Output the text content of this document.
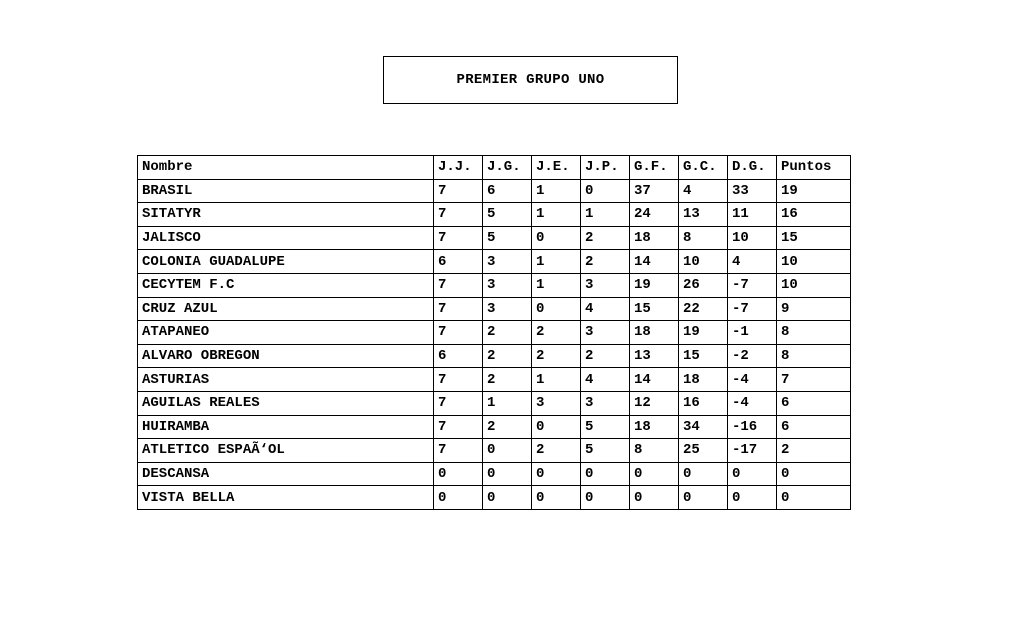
PREMIER GRUPO UNO
Nombre	J.J.	J.G.	J.E.	J.P.	G.F.	G.C.	D.G.	Puntos
BRASIL	7	6	1	0	37	4	33	19
SITATYR	7	5	1	1	24	13	11	16
JALISCO	7	5	0	2	18	8	10	15
COLONIA GUADALUPE	6	3	1	2	14	10	4	10
CECYTEM F.C	7	3	1	3	19	26	-7	10
CRUZ AZUL	7	3	0	4	15	22	-7	9
ATAPANEO	7	2	2	3	18	19	-1	8
ALVARO OBREGON	6	2	2	2	13	15	-2	8
ASTURIAS	7	2	1	4	14	18	-4	7
AGUILAS REALES	7	1	3	3	12	16	-4	6
HUIRAMBA	7	2	0	5	18	34	-16	6
ATLETICO ESPAÃ‘OL	7	0	2	5	8	25	-17	2
DESCANSA	0	0	0	0	0	0	0	0
VISTA BELLA	0	0	0	0	0	0	0	0
